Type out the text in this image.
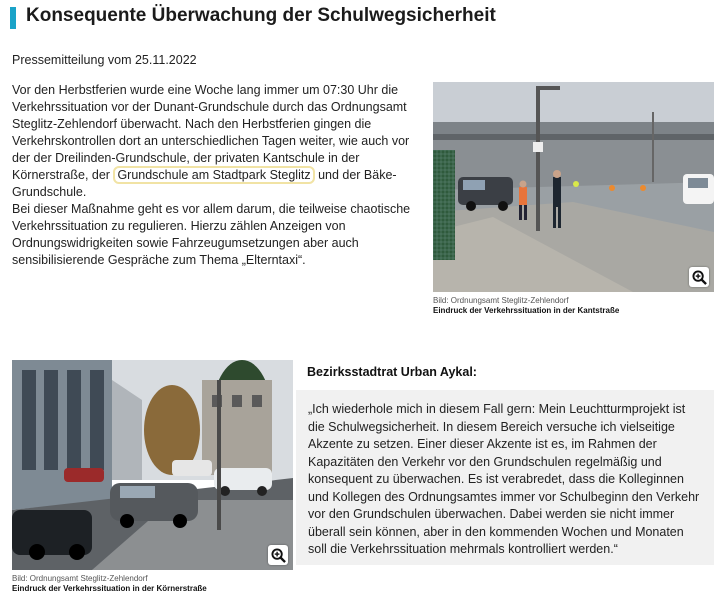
Konsequente Überwachung der Schulwegsicherheit
Pressemitteilung vom 25.11.2022
Vor den Herbstferien wurde eine Woche lang immer um 07:30 Uhr die Verkehrssituation vor der Dunant-Grundschule durch das Ordnungsamt Steglitz-Zehlendorf überwacht. Nach den Herbstferien gingen die Verkehrskontrollen dort an unterschiedlichen Tagen weiter, wie auch vor der der Dreilinden-Grundschule, der privaten Kantschule in der Körnerstraße, der Grundschule am Stadtpark Steglitz und der Bäke-Grundschule.
Bei dieser Maßnahme geht es vor allem darum, die teilweise chaotische Verkehrssituation zu regulieren. Hierzu zählen Anzeigen von Ordnungswidrigkeiten sowie Fahrzeugumsetzungen aber auch sensibilisierende Gespräche zum Thema „Elterntaxi“.
Bild: Ordnungsamt Steglitz-Zehlendorf
Eindruck der Verkehrssituation in der Kantstraße
Bild: Ordnungsamt Steglitz-Zehlendorf
Eindruck der Verkehrssituation in der Körnerstraße
Bezirksstadtrat Urban Aykal:
„Ich wiederhole mich in diesem Fall gern: Mein Leuchtturmprojekt ist die Schulwegsicherheit. In diesem Bereich versuche ich vielseitige Akzente zu setzen. Einer dieser Akzente ist es, im Rahmen der Kapazitäten den Verkehr vor den Grundschulen regelmäßig und konsequent zu überwachen. Es ist verabredet, dass die Kolleginnen und Kollegen des Ordnungsamtes immer vor Schulbeginn den Verkehr vor den Grundschulen überwachen. Dabei werden sie nicht immer überall sein können, aber in den kommenden Wochen und Monaten soll die Verkehrssituation mehrmals kontrolliert werden.“
